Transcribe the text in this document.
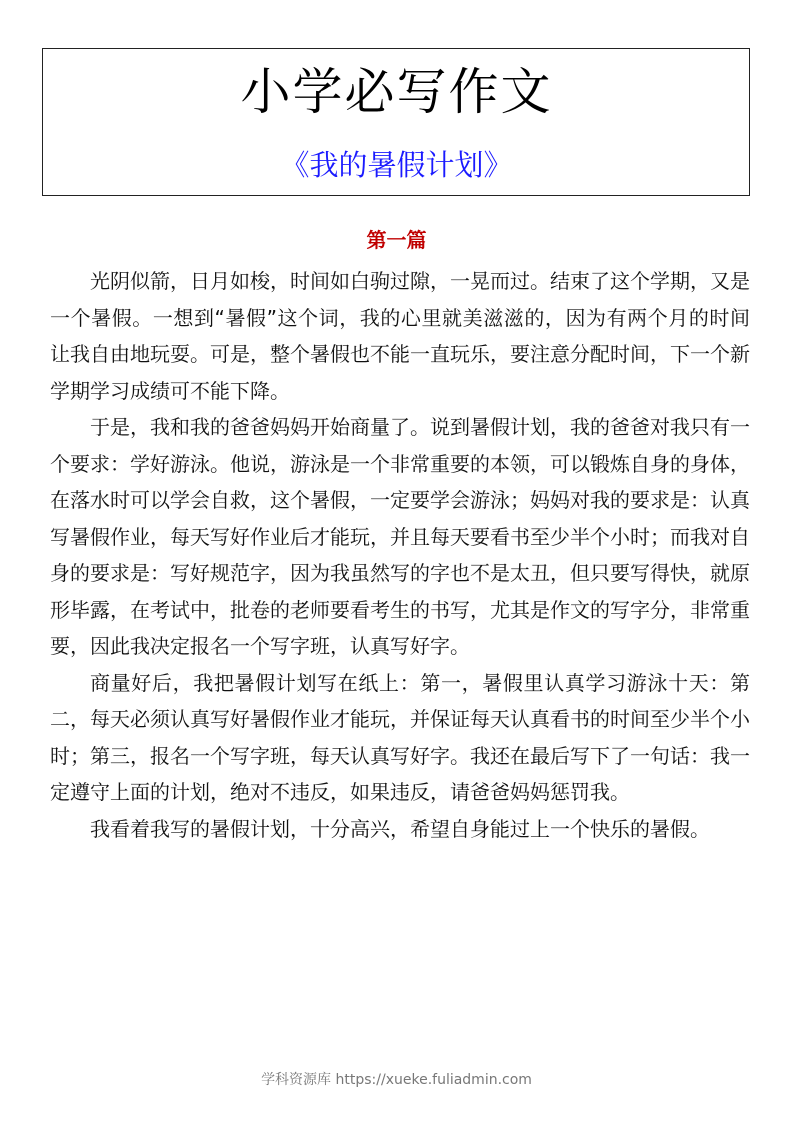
小学必写作文
《我的暑假计划》
第一篇

光阴似箭，日月如梭，时间如白驹过隙，一晃而过。结束了这个学期，又是一个暑假。一想到“暑假”这个词，我的心里就美滋滋的，因为有两个月的时间让我自由地玩耍。可是，整个暑假也不能一直玩乐，要注意分配时间，下一个新学期学习成绩可不能下降。

于是，我和我的爸爸妈妈开始商量了。说到暑假计划，我的爸爸对我只有一个要求：学好游泳。他说，游泳是一个非常重要的本领，可以锻炼自身的身体，在落水时可以学会自救，这个暑假，一定要学会游泳；妈妈对我的要求是：认真写暑假作业，每天写好作业后才能玩，并且每天要看书至少半个小时；而我对自身的要求是：写好规范字，因为我虽然写的字也不是太丑，但只要写得快，就原形毕露，在考试中，批卷的老师要看考生的书写，尤其是作文的写字分，非常重要，因此我决定报名一个写字班，认真写好字。

商量好后，我把暑假计划写在纸上：第一，暑假里认真学习游泳十天：第二，每天必须认真写好暑假作业才能玩，并保证每天认真看书的时间至少半个小时；第三，报名一个写字班，每天认真写好字。我还在最后写下了一句话：我一定遵守上面的计划，绝对不违反，如果违反，请爸爸妈妈惩罚我。

我看着我写的暑假计划，十分高兴，希望自身能过上一个快乐的暑假。

学科资源库 https://xueke.fuliadmin.com
